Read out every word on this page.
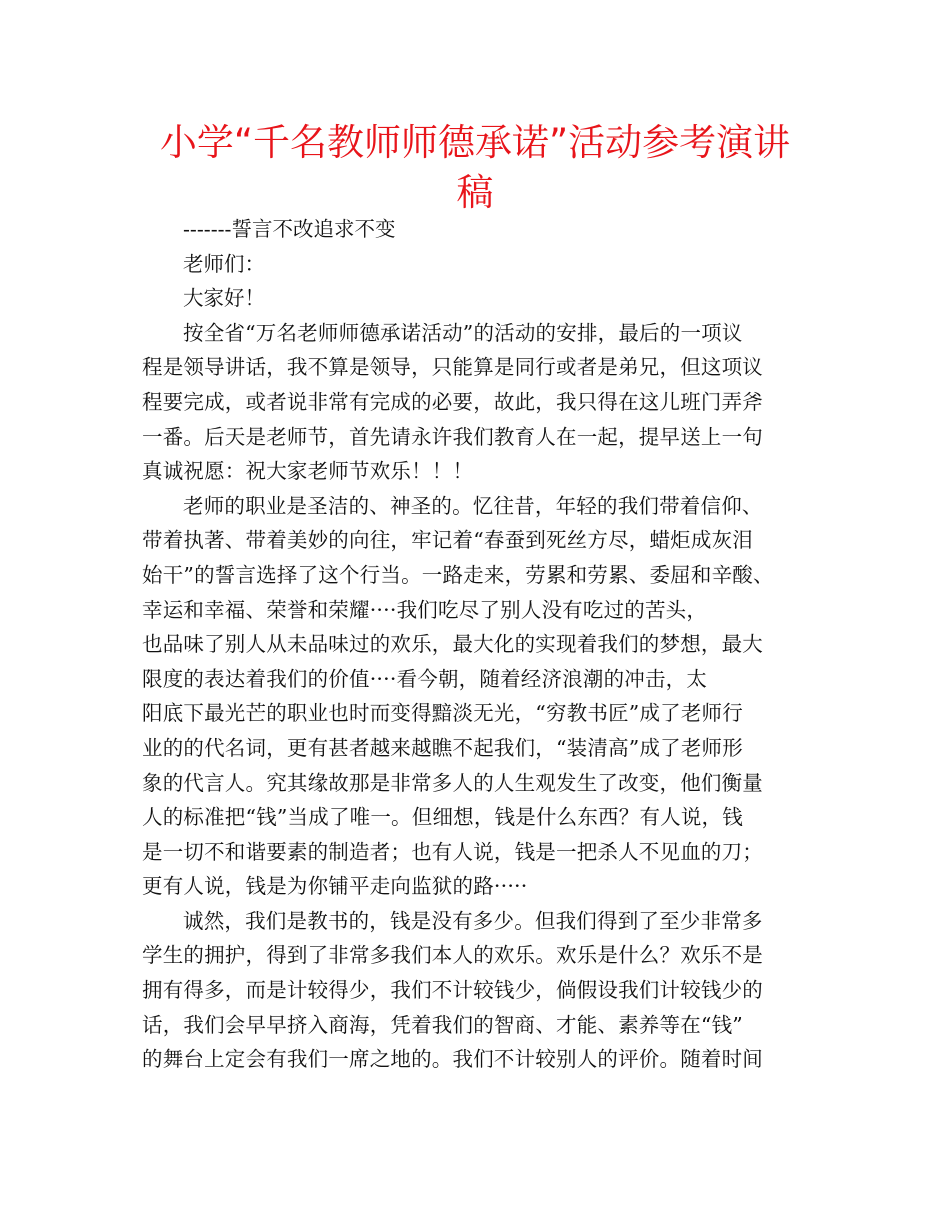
小学“千名教师师德承诺”活动参考演讲
稿
-------誓言不改追求不变

老师们：

大家好！

按全省“万名老师师德承诺活动”的活动的安排，最后的一项议
程是领导讲话，我不算是领导，只能算是同行或者是弟兄，但这项议
程要完成，或者说非常有完成的必要，故此，我只得在这儿班门弄斧
一番。后天是老师节，首先请永许我们教育人在一起，提早送上一句
真诚祝愿：祝大家老师节欢乐！！！

老师的职业是圣洁的、神圣的。忆往昔，年轻的我们带着信仰、
带着执著、带着美妙的向往，牢记着“春蚕到死丝方尽，蜡炬成灰泪
始干”的誓言选择了这个行当。一路走来，劳累和劳累、委屈和辛酸、
幸运和幸福、荣誉和荣耀····我们吃尽了别人没有吃过的苦头，
也品味了别人从未品味过的欢乐，最大化的实现着我们的梦想，最大
限度的表达着我们的价值····看今朝，随着经济浪潮的冲击，太
阳底下最光芒的职业也时而变得黯淡无光，“穷教书匠”成了老师行
业的的代名词，更有甚者越来越瞧不起我们，“装清高”成了老师形
象的代言人。究其缘故那是非常多人的人生观发生了改变，他们衡量
人的标准把“钱”当成了唯一。但细想，钱是什么东西？有人说，钱
是一切不和谐要素的制造者；也有人说，钱是一把杀人不见血的刀；
更有人说，钱是为你铺平走向监狱的路·····

诚然，我们是教书的，钱是没有多少。但我们得到了至少非常多
学生的拥护，得到了非常多我们本人的欢乐。欢乐是什么？欢乐不是
拥有得多，而是计较得少，我们不计较钱少，倘假设我们计较钱少的
话，我们会早早挤入商海，凭着我们的智商、才能、素养等在“钱”
的舞台上定会有我们一席之地的。我们不计较别人的评价。随着时间
